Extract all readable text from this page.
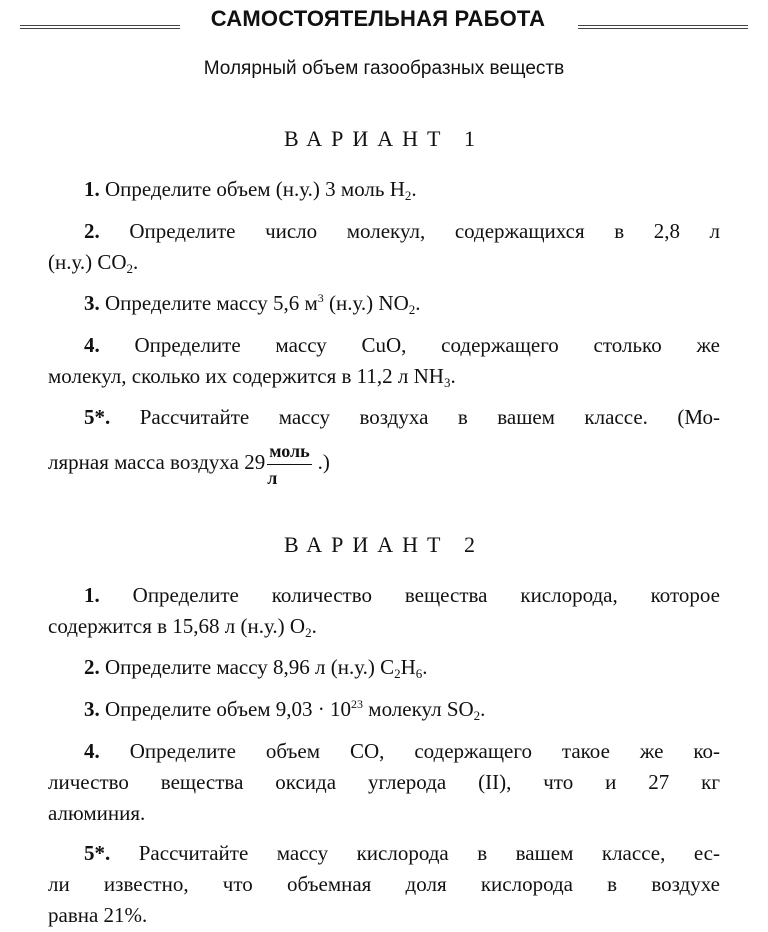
САМОСТОЯТЕЛЬНАЯ РАБОТА
Молярный объем газообразных веществ
ВАРИАНТ 1
1. Определите объем (н.у.) 3 моль $H_2$.
2. Определите число молекул, содержащихся в 2,8 л
(н.у.) $CO_2$.
3. Определите массу 5,6 $м^3$ (н.у.) $NO_2$.
4. Определите массу CuO, содержащего столько же
молекул, сколько их содержится в 11,2 л $NH_3$.
5*. Рассчитайте массу воздуха в вашем классе. (Мо-
лярная масса воздуха $29 \frac{\text{моль}}{л}$ .)
ВАРИАНТ 2
1. Определите количество вещества кислорода, которое
содержится в 15,68 л (н.у.) $O_2$.
2. Определите массу 8,96 л (н.у.) $C_2H_6$.
3. Определите объем $9,03 \cdot 10^{23}$ молекул $SO_2$.
4. Определите объем CO, содержащего такое же ко-
личество вещества оксида углерода (II), что и 27 кг
алюминия.
5*. Рассчитайте массу кислорода в вашем классе, ес-
ли известно, что объемная доля кислорода в воздухе
равна 21%.
